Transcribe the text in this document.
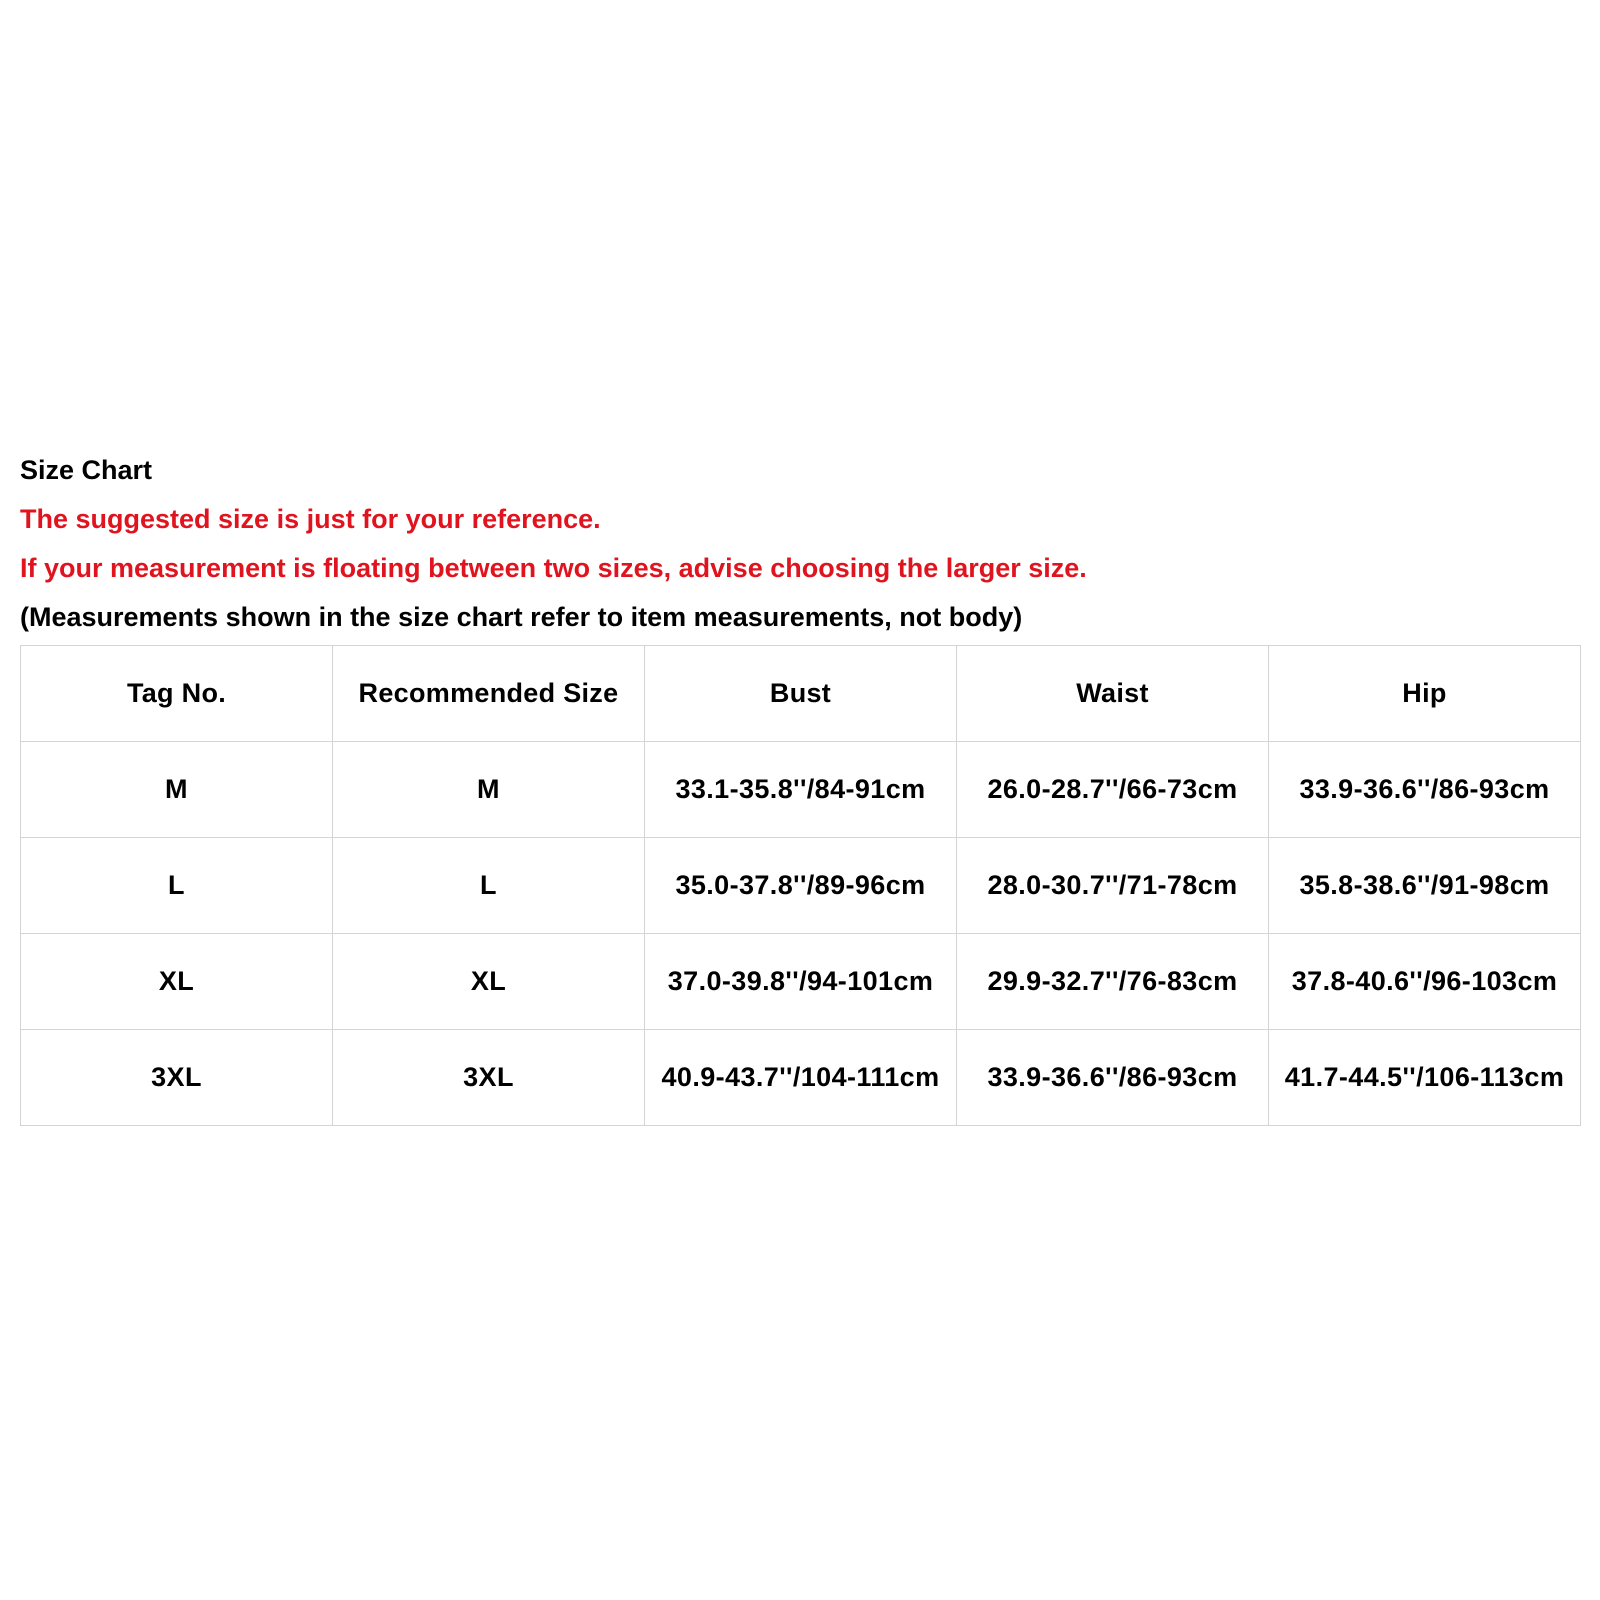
Size Chart
The suggested size is just for your reference.
If your measurement is floating between two sizes, advise choosing the larger size.
(Measurements shown in the size chart refer to item measurements, not body)
Tag No.	Recommended Size	Bust	Waist	Hip
M	M	33.1-35.8''/84-91cm	26.0-28.7''/66-73cm	33.9-36.6''/86-93cm
L	L	35.0-37.8''/89-96cm	28.0-30.7''/71-78cm	35.8-38.6''/91-98cm
XL	XL	37.0-39.8''/94-101cm	29.9-32.7''/76-83cm	37.8-40.6''/96-103cm
3XL	3XL	40.9-43.7''/104-111cm	33.9-36.6''/86-93cm	41.7-44.5''/106-113cm
